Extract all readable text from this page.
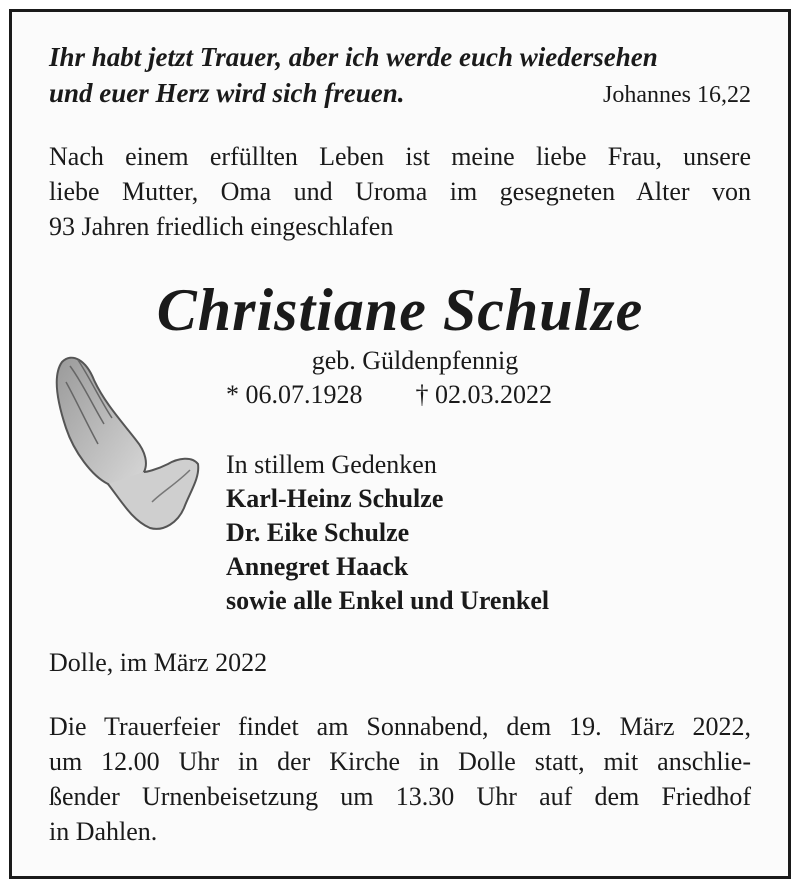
Ihr habt jetzt Trauer, aber ich werde euch wiedersehen
und euer Herz wird sich freuen.	Johannes 16,22
Nach einem erfüllten Leben ist meine liebe Frau, unsere
liebe Mutter, Oma und Uroma im gesegneten Alter von
93 Jahren friedlich eingeschlafen
Christiane Schulze
geb. Güldenpfennig
* 06.07.1928 † 02.03.2022
In stillem Gedenken
Karl-Heinz Schulze
Dr. Eike Schulze
Annegret Haack
sowie alle Enkel und Urenkel
Dolle, im März 2022
Die Trauerfeier findet am Sonnabend, dem 19. März 2022,
um 12.00 Uhr in der Kirche in Dolle statt, mit anschlie-
ßender Urnenbeisetzung um 13.30 Uhr auf dem Friedhof
in Dahlen.
